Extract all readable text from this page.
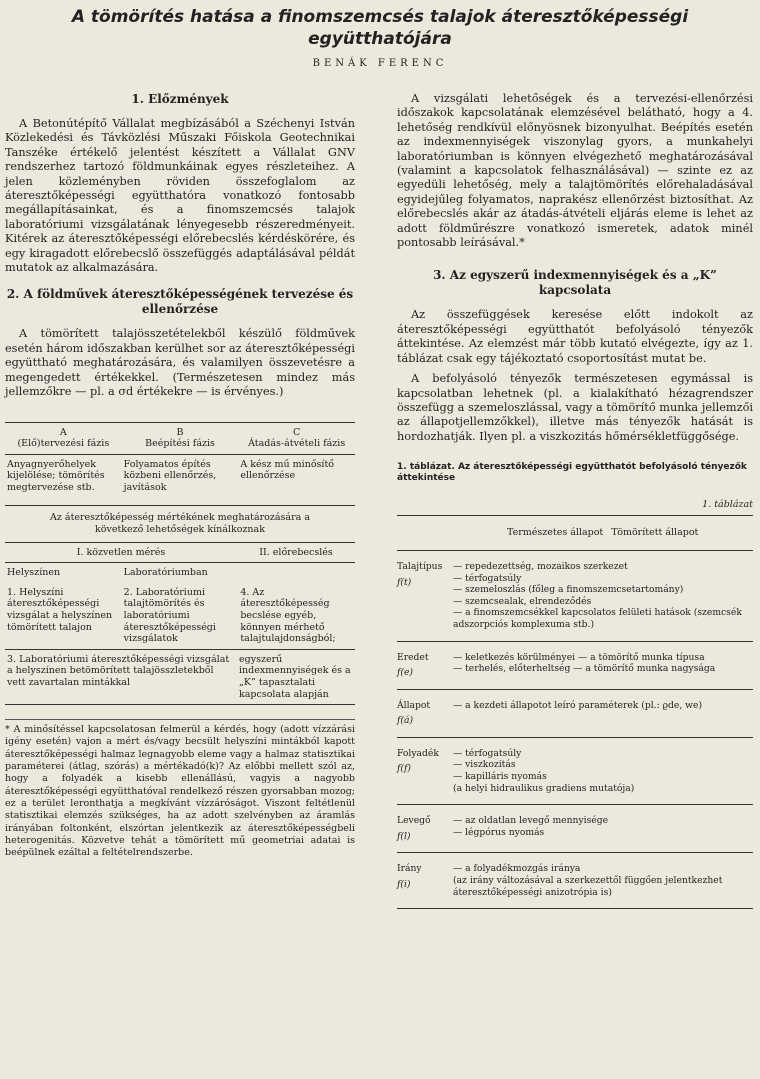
A tömörítés hatása a finomszemcsés talajok áteresztőképességi együtthatójára
BENÁK FERENC
1. Előzmények

A Betonútépítő Vállalat megbízásából a Széchenyi István Közlekedési és Távközlési Műszaki Főiskola Geotechnikai Tanszéke értékelő jelentést készített a Vállalat GNV rendszerhez tartozó földmunkáinak egyes részleteihez. A jelen közleményben röviden összefoglalom az áteresztőképességi együtthatóra vonatkozó fontosabb megállapításainkat, és a finomszemcsés talajok laboratóriumi vizsgálatának lényegesebb részeredményeit. Kitérek az áteresztőképességi előrebecslés kérdéskörére, és egy kiragadott előrebecslő összefüggés adaptálásával példát mutatok az alkalmazására.

2. A földművek áteresztőképességének tervezése és ellenőrzése

A tömörített talajösszetételekből készülő földművek esetén három időszakban kerülhet sor az áteresztőképességi együttható meghatározására, és valamilyen összevetésre a megengedett értékekkel. (Természetesen mindez más jellemzőkre — pl. a σd értékekre — is érvényes.)

A
(Elő)tervezési fázis
B
Beépítési fázis
C
Átadás-átvételi fázis
Anyagnyerőhelyek kijelölése; tömörítés megtervezése stb.
Folyamatos építés közbeni ellenőrzés, javítások
A kész mű minősítő ellenőrzése
Az áteresztőképesség mértékének meghatározására a következő lehetőségek kínálkoznak
I. közvetlen mérés	II. előrebecslés
Helyszínen	Laboratóriumban
1. Helyszíni áteresztőképességi vizsgálat a helyszínen tömörített talajon
2. Laboratóriumi talajtömörítés és laboratóriumi áteresztőképességi vizsgálatok
4. Az áteresztőképesség becslése egyéb, könnyen mérhető talajtulajdonságból;
3. Laboratóriumi áteresztőképességi vizsgálat a helyszínen betömörített talajösszletekből vett zavartalan mintákkal
egyszerű indexmennyiségek és a „K” tapasztalati kapcsolata alapján
* A minősítéssel kapcsolatosan felmerül a kérdés, hogy (adott vízzárási igény esetén) vajon a mért és/vagy becsült helyszíni mintákból kapott áteresztőképességi halmaz legnagyobb eleme vagy a halmaz statisztikai paraméterei (átlag, szórás) a mértékadó(k)? Az előbbi mellett szól az, hogy a folyadék a kisebb ellenállású, vagyis a nagyobb áteresztőképességi együtthatóval rendelkező részen gyorsabban mozog; ez a terület leronthatja a megkívánt vízzáróságot. Viszont feltétlenül statisztikai elemzés szükséges, ha az adott szelvényben az áramlás irányában foltonként, elszórtan jelentkezik az áteresztőképességbeli heterogenitás. Közvetve tehát a tömörített mű geometriai adatai is beépülnek ezáltal a feltételrendszerbe.

A vizsgálati lehetőségek és a tervezési-ellenőrzési időszakok kapcsolatának elemzésével belátható, hogy a 4. lehetőség rendkívül előnyösnek bizonyulhat. Beépítés esetén az indexmennyiségek viszonylag gyors, a munkahelyi laboratóriumban is könnyen elvégezhető meghatározásával (valamint a kapcsolatok felhasználásával) — szinte ez az egyedüli lehetőség, mely a talajtömörítés előrehaladásával egyidejűleg folyamatos, naprakész ellenőrzést biztosíthat. Az előrebecslés akár az átadás-átvételi eljárás eleme is lehet az adott földműrészre vonatkozó ismeretek, adatok minél pontosabb leírásával.*

3. Az egyszerű indexmennyiségek és a „K” kapcsolata

Az összefüggések keresése előtt indokolt az áteresztőképességi együtthatót befolyásoló tényezők áttekintése. Az elemzést már több kutató elvégezte, így az 1. táblázat csak egy tájékoztató csoportosítást mutat be.

A befolyásoló tényezők természetesen egymással is kapcsolatban lehetnek (pl. a kialakítható hézagrendszer összefügg a szemeloszlással, vagy a tömörítő munka jellemzői az állapotjellemzőkkel), illetve más tényezők hatását is hordozhatják. Ilyen pl. a viszkozitás hőmérsékletfüggősége.

1. táblázat. Az áteresztőképességi együtthatót befolyásoló tényezők áttekintése
1. táblázat
Természetes állapot Tömörített állapot
Talajtípus
f(t)
— repedezettség, mozaikos szerkezet
— térfogatsúly
— szemeloszlás (főleg a finomszemcsetartomány)
— szemcsealak, elrendeződés
— a finomszemcsékkel kapcsolatos felületi hatások (szemcsék adszorpciós komplexuma stb.)
Eredet
f(e)
— keletkezés körülményei — a tömörítő munka típusa
— terhelés, előterheltség — a tömörítő munka nagysága
Állapot
f(á)
— a kezdeti állapotot leíró paraméterek (pl.: ϱde, we)
Folyadék
f(f)
— térfogatsúly
— viszkozitás
— kapilláris nyomás
(a helyi hidraulikus gradiens mutatója)
Levegő
f(l)
— az oldatlan levegő mennyisége
— légpórus nyomás
Irány
f(i)
— a folyadékmozgás iránya
(az irány változásával a szerkezettől függően jelentkezhet áteresztőképességi anizotrópia is)
